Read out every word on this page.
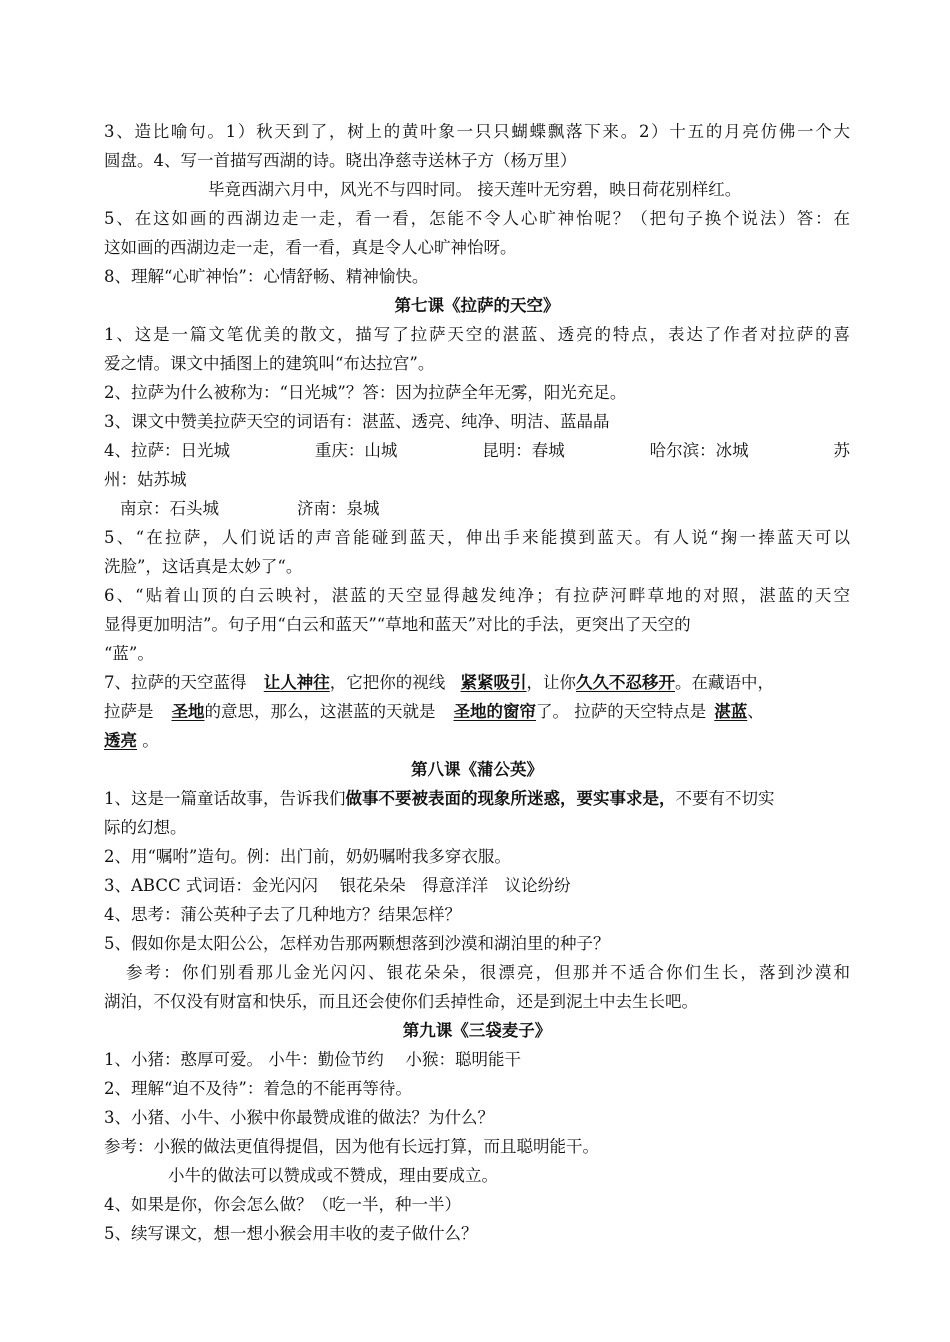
3、造比喻句。1）秋天到了，树上的黄叶象一只只蝴蝶飘落下来。2）十五的月亮仿佛一个大
圆盘。4、写一首描写西湖的诗。晓出净慈寺送林子方（杨万里）
毕竟西湖六月中，风光不与四时同。 接天莲叶无穷碧，映日荷花别样红。
5、在这如画的西湖边走一走，看一看，怎能不令人心旷神怡呢？（把句子换个说法）答：在
这如画的西湖边走一走，看一看，真是令人心旷神怡呀。
8、理解“心旷神怡”：心情舒畅、精神愉快。
第七课《拉萨的天空》
1、这是一篇文笔优美的散文，描写了拉萨天空的湛蓝、透亮的特点，表达了作者对拉萨的喜
爱之情。课文中插图上的建筑叫“布达拉宫”。
2、拉萨为什么被称为：“日光城”？答：因为拉萨全年无雾，阳光充足。
3、课文中赞美拉萨天空的词语有：湛蓝、透亮、纯净、明洁、蓝晶晶
4、拉萨：日光城	重庆：山城	昆明：春城	哈尔滨：冰城	苏
州：姑苏城
南京：石头城	济南：泉城
5、“在拉萨，人们说话的声音能碰到蓝天，伸出手来能摸到蓝天。有人说“掬一捧蓝天可以
洗脸”，这话真是太妙了“。
6、“贴着山顶的白云映衬，湛蓝的天空显得越发纯净；有拉萨河畔草地的对照，湛蓝的天空
显得更加明洁”。句子用“白云和蓝天”“草地和蓝天”对比的手法，更突出了天空的
“蓝”。
7、拉萨的天空蓝得 让人神往，它把你的视线 紧紧吸引，让你久久不忍移开。在藏语中，
拉萨是 圣地的意思，那么，这湛蓝的天就是 圣地的窗帘了。 拉萨的天空特点是 湛蓝、
透亮 。
第八课《蒲公英》
1、这是一篇童话故事，告诉我们做事不要被表面的现象所迷惑，要实事求是，不要有不切实
际的幻想。
2、用“嘱咐”造句。例：出门前，奶奶嘱咐我多穿衣服。
3、ABCC 式词语：金光闪闪　 银花朵朵　得意洋洋　议论纷纷
4、思考：蒲公英种子去了几种地方？结果怎样？
5、假如你是太阳公公，怎样劝告那两颗想落到沙漠和湖泊里的种子？
参考：你们别看那儿金光闪闪、银花朵朵，很漂亮，但那并不适合你们生长，落到沙漠和
湖泊，不仅没有财富和快乐，而且还会使你们丢掉性命，还是到泥土中去生长吧。
第九课《三袋麦子》
1、小猪：憨厚可爱。 小牛：勤俭节约　 小猴：聪明能干
2、理解“迫不及待”：着急的不能再等待。
3、小猪、小牛、小猴中你最赞成谁的做法？为什么？
参考：小猴的做法更值得提倡，因为他有长远打算，而且聪明能干。
小牛的做法可以赞成或不赞成，理由要成立。
4、如果是你，你会怎么做？（吃一半，种一半）
5、续写课文，想一想小猴会用丰收的麦子做什么？
